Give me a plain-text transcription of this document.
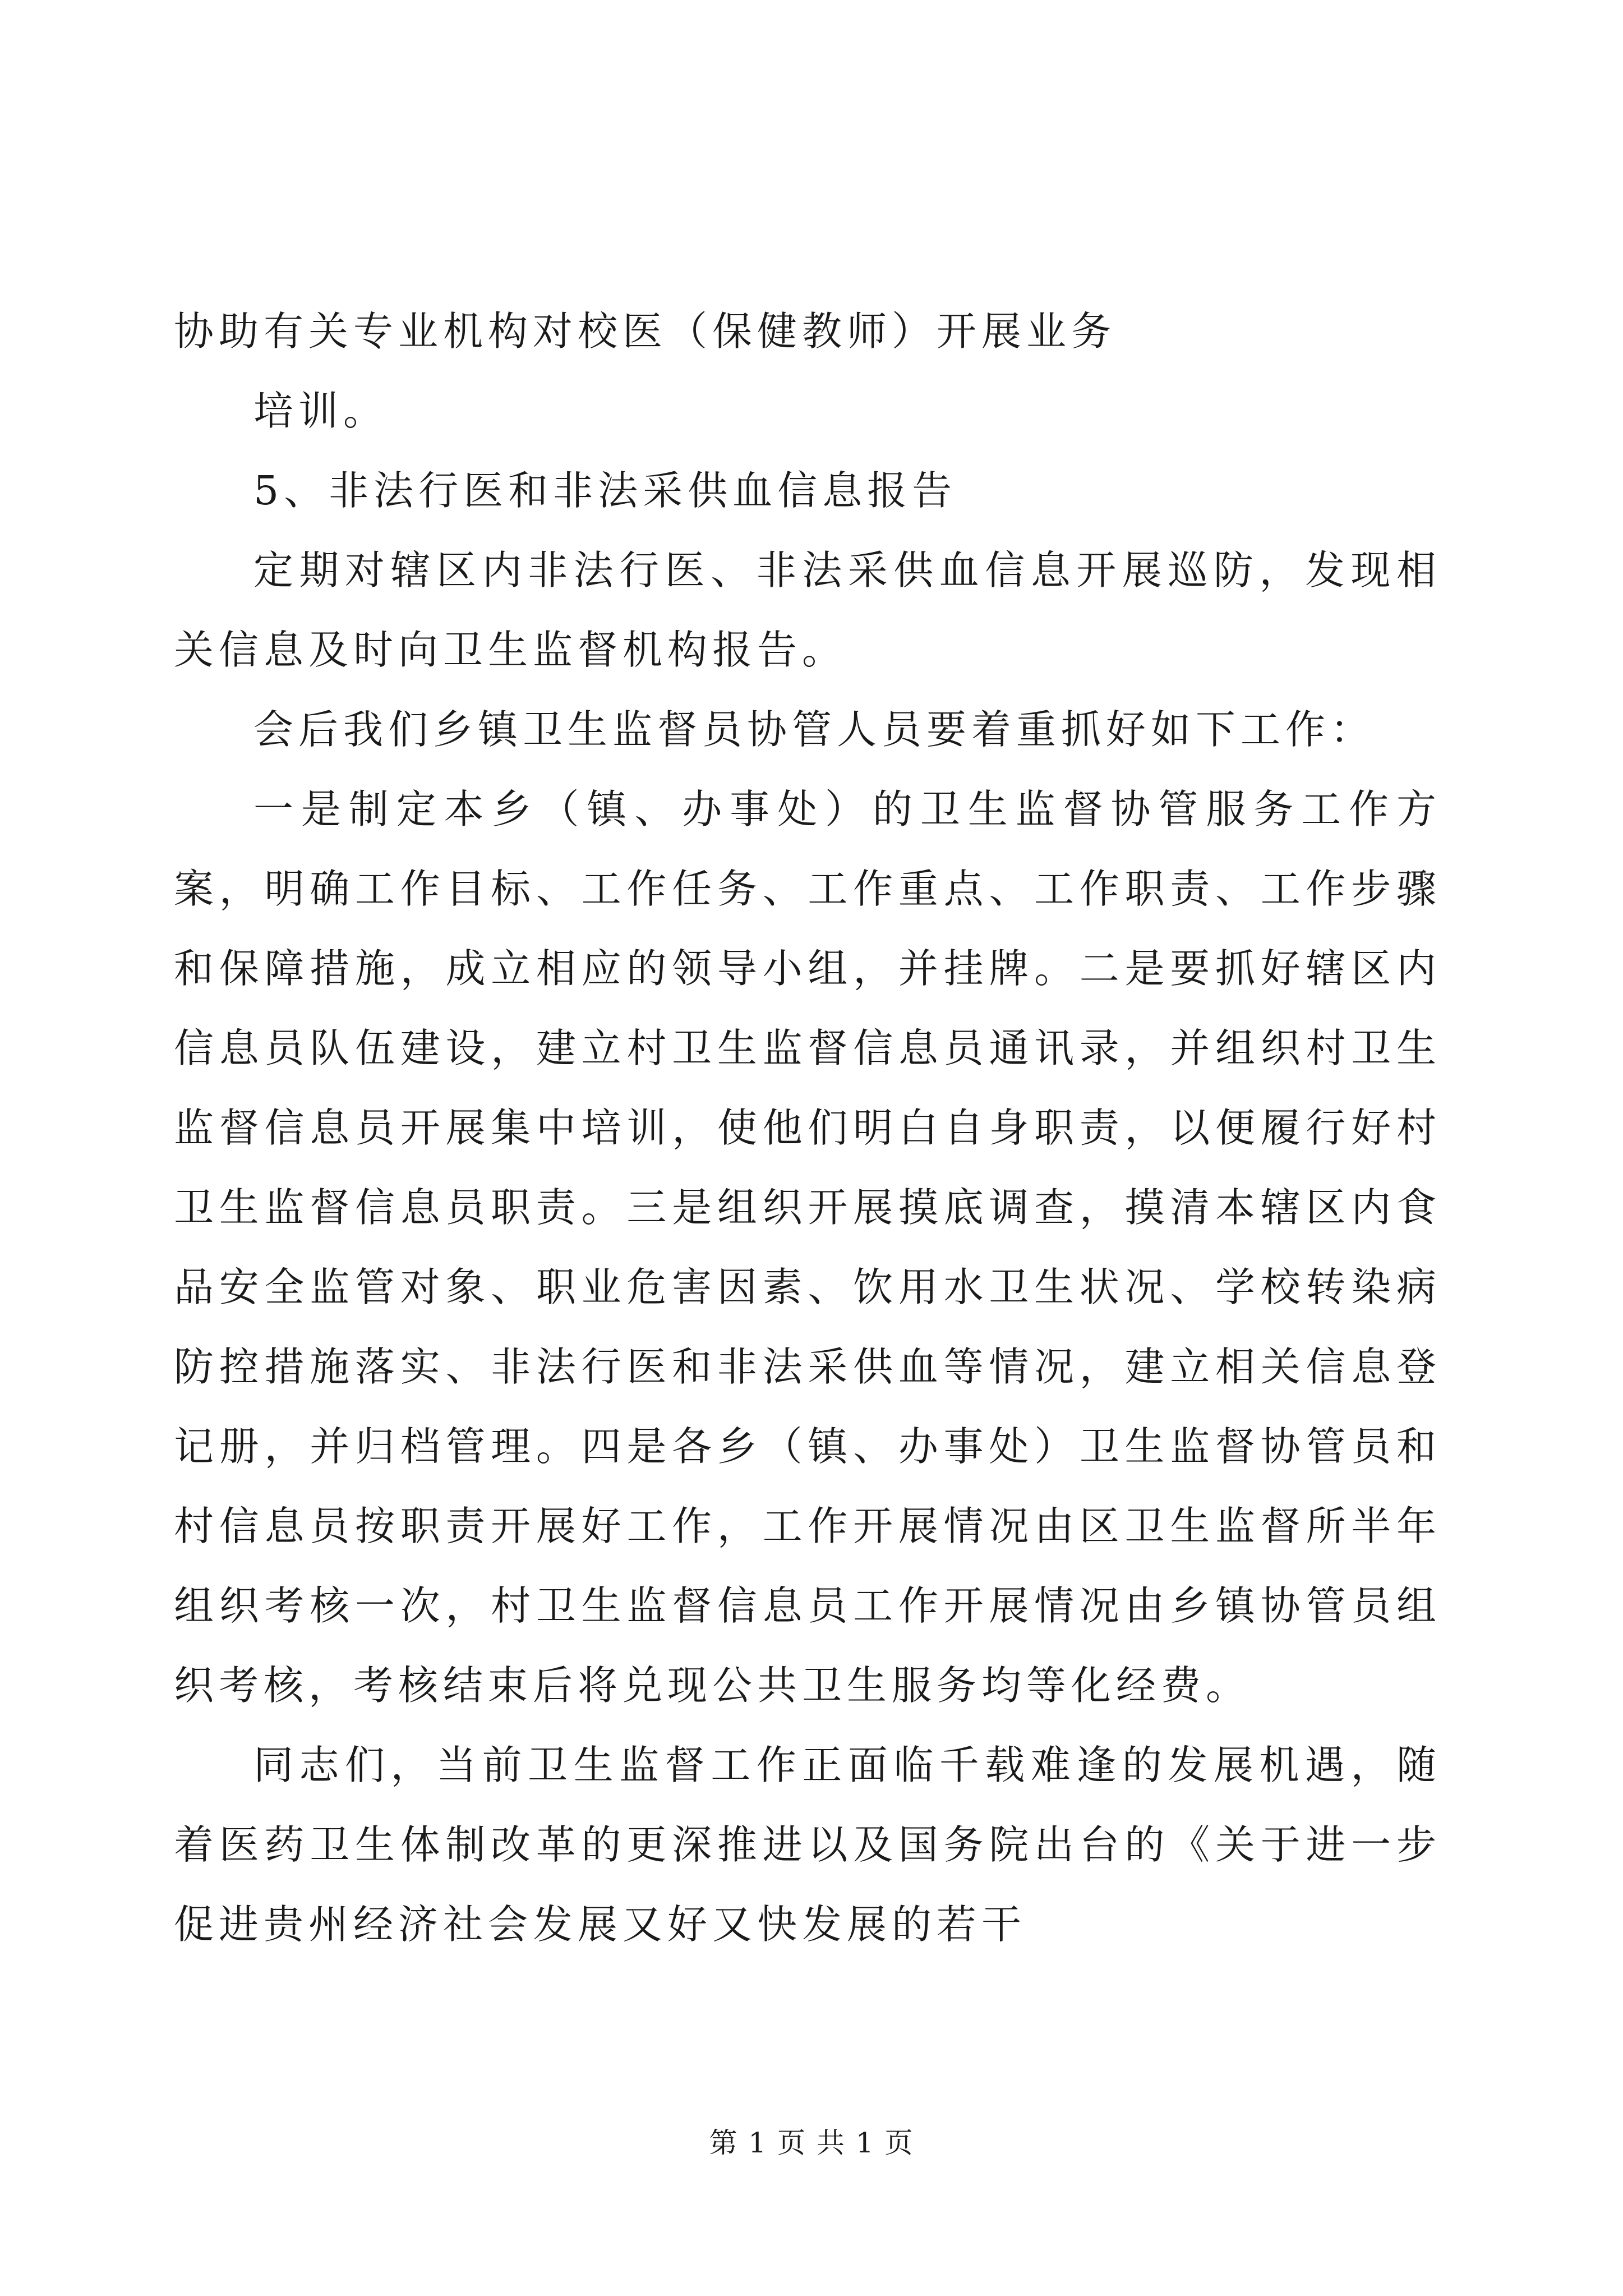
协助有关专业机构对校医（保健教师）开展业务

培训。

5、非法行医和非法采供血信息报告

定期对辖区内非法行医、非法采供血信息开展巡防，发现相关信息及时向卫生监督机构报告。

会后我们乡镇卫生监督员协管人员要着重抓好如下工作：

一是制定本乡（镇、办事处）的卫生监督协管服务工作方案，明确工作目标、工作任务、工作重点、工作职责、工作步骤和保障措施，成立相应的领导小组，并挂牌。二是要抓好辖区内信息员队伍建设，建立村卫生监督信息员通讯录，并组织村卫生监督信息员开展集中培训，使他们明白自身职责，以便履行好村卫生监督信息员职责。三是组织开展摸底调查，摸清本辖区内食品安全监管对象、职业危害因素、饮用水卫生状况、学校转染病防控措施落实、非法行医和非法采供血等情况，建立相关信息登记册，并归档管理。四是各乡（镇、办事处）卫生监督协管员和村信息员按职责开展好工作，工作开展情况由区卫生监督所半年组织考核一次，村卫生监督信息员工作开展情况由乡镇协管员组织考核，考核结束后将兑现公共卫生服务均等化经费。

同志们，当前卫生监督工作正面临千载难逢的发展机遇，随着医药卫生体制改革的更深推进以及国务院出台的《关于进一步促进贵州经济社会发展又好又快发展的若干

第 1 页 共 1 页
